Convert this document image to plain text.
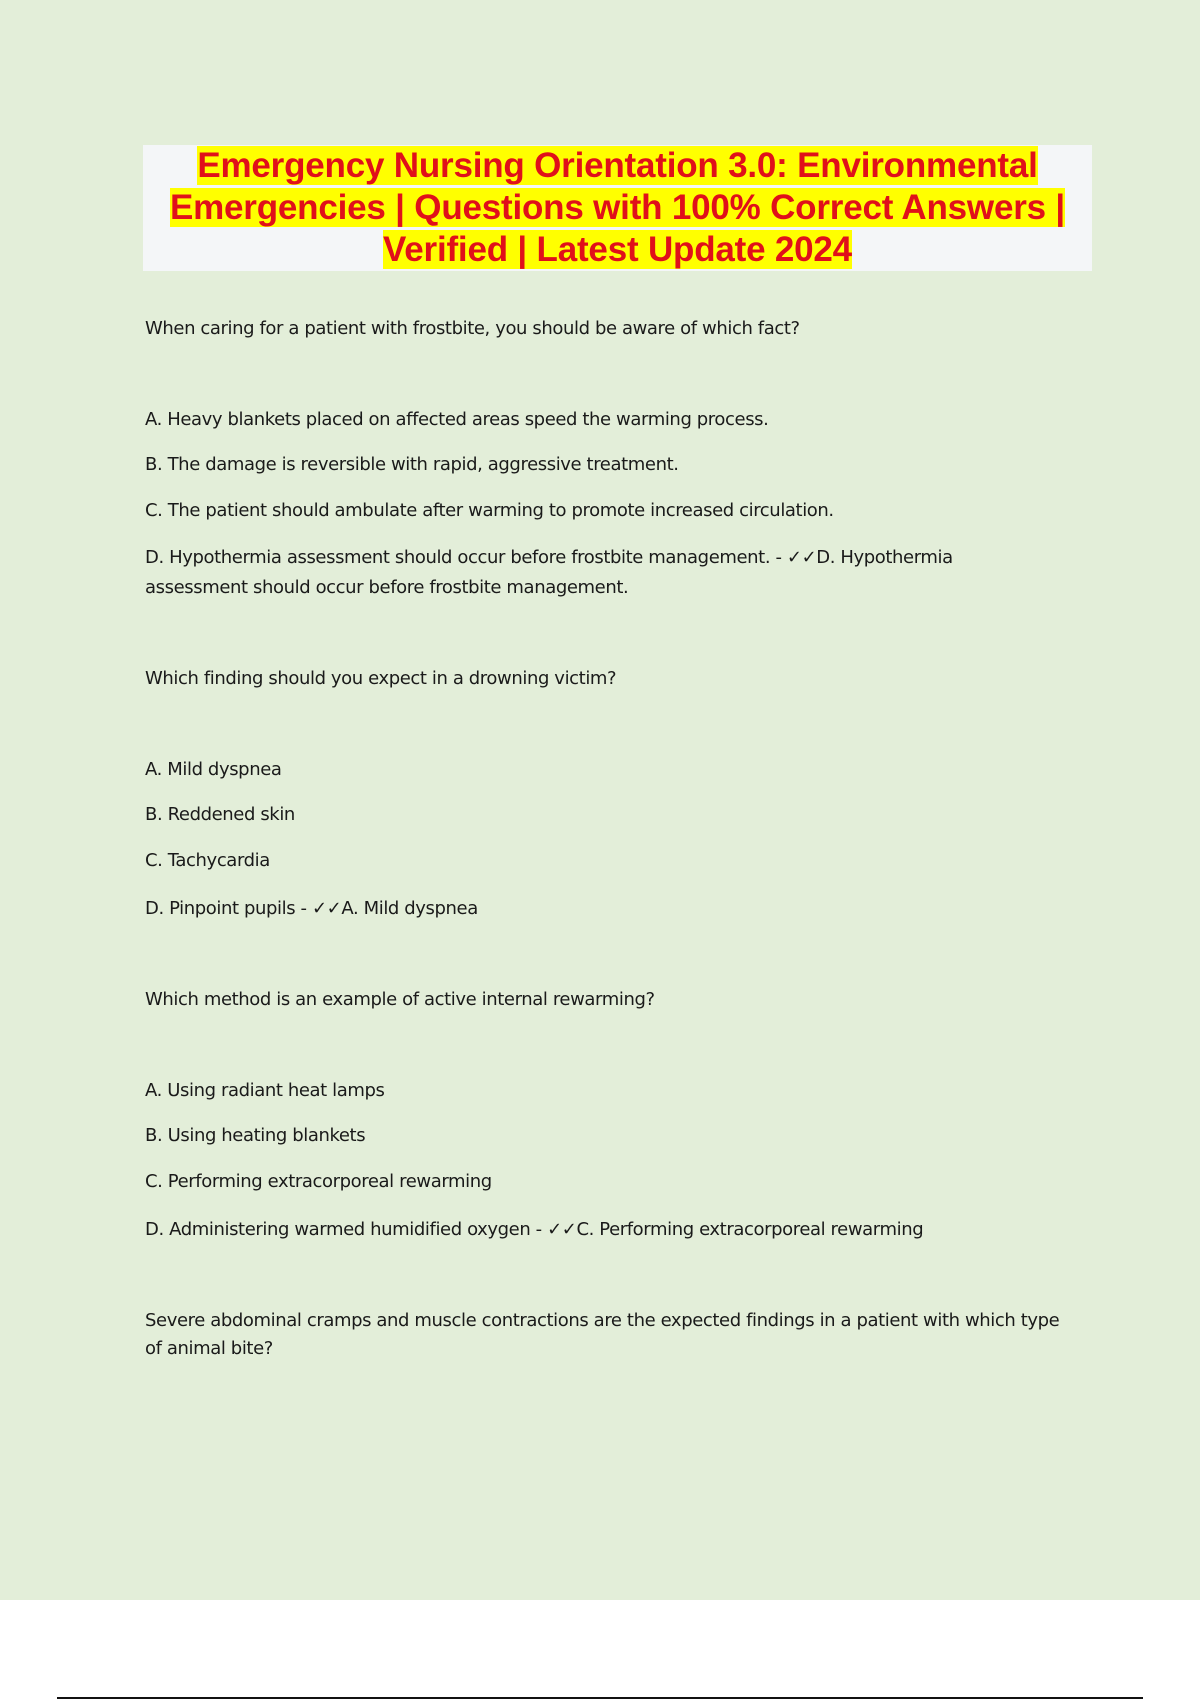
Emergency Nursing Orientation 3.0: Environmental
Emergencies | Questions with 100% Correct Answers |
Verified | Latest Update 2024
When caring for a patient with frostbite, you should be aware of which fact?
A. Heavy blankets placed on affected areas speed the warming process.
B. The damage is reversible with rapid, aggressive treatment.
C. The patient should ambulate after warming to promote increased circulation.
D. Hypothermia assessment should occur before frostbite management. - ✓✓D. Hypothermia
assessment should occur before frostbite management.
Which finding should you expect in a drowning victim?
A. Mild dyspnea
B. Reddened skin
C. Tachycardia
D. Pinpoint pupils - ✓✓A. Mild dyspnea
Which method is an example of active internal rewarming?
A. Using radiant heat lamps
B. Using heating blankets
C. Performing extracorporeal rewarming
D. Administering warmed humidified oxygen - ✓✓C. Performing extracorporeal rewarming
Severe abdominal cramps and muscle contractions are the expected findings in a patient with which type
of animal bite?
